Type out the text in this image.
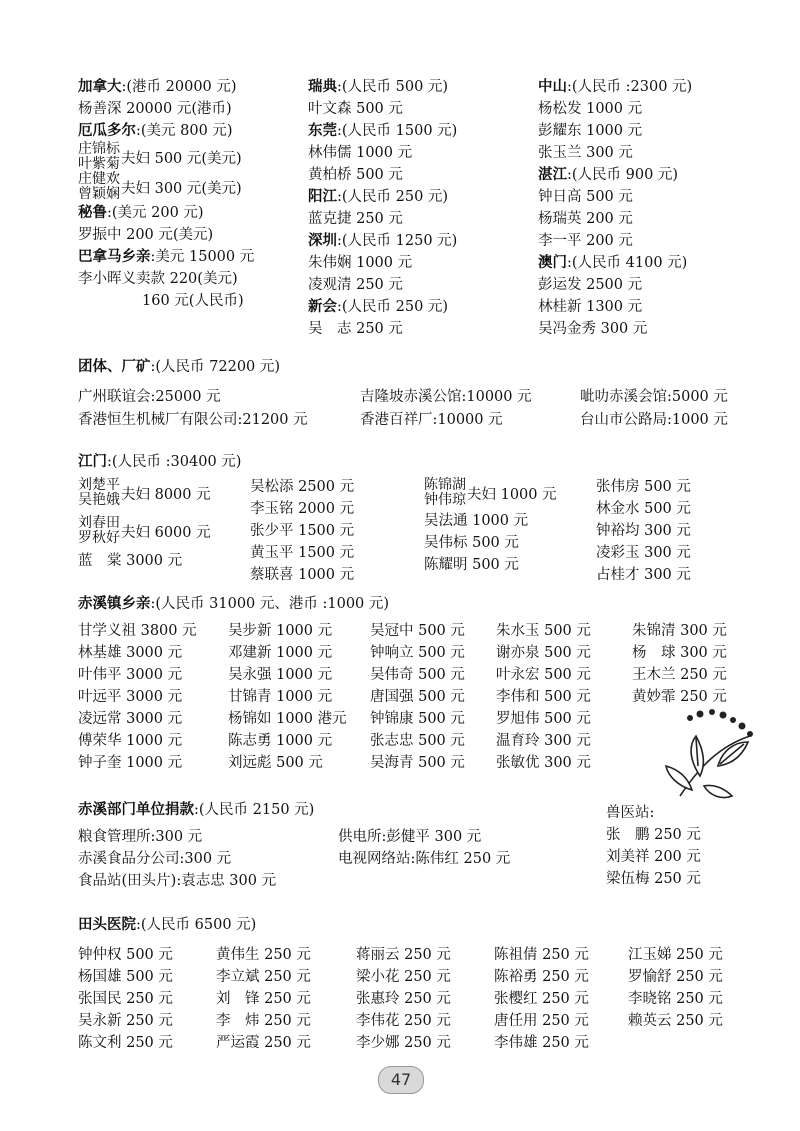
加拿大:(港币 20000 元)
杨善深 20000 元(港币)
厄瓜多尔:(美元 800 元)
庄锦标
叶紫菊 夫妇 500 元(美元)
庄健欢
曾颖娴 夫妇 300 元(美元)
秘鲁:(美元 200 元)
罗振中 200 元(美元)
巴拿马乡亲:美元 15000 元
李小晖义卖款 220(美元)
160 元(人民币)
瑞典:(人民币 500 元)
叶文森 500 元
东莞:(人民币 1500 元)
林伟儒 1000 元
黄柏桥 500 元
阳江:(人民币 250 元)
蓝克捷 250 元
深圳:(人民币 1250 元)
朱伟娴 1000 元
凌观清 250 元
新会:(人民币 250 元)
吴　志 250 元
中山:(人民币 :2300 元)
杨松发 1000 元
彭耀东 1000 元
张玉兰 300 元
湛江:(人民币 900 元)
钟日高 500 元
杨瑞英 200 元
李一平 200 元
澳门:(人民币 4100 元)
彭运发 2500 元
林桂新 1300 元
吴冯金秀 300 元
团体、厂矿:(人民币 72200 元)
广州联谊会:25000 元	吉隆坡赤溪公馆:10000 元	呲叻赤溪会馆:5000 元
香港恒生机械厂有限公司:21200 元	香港百祥厂:10000 元	台山市公路局:1000 元
江门:(人民币 :30400 元)
刘楚平
吴艳娥 夫妇 8000 元
刘春田
罗秋好 夫妇 6000 元
蓝　棠 3000 元
吴松添 2500 元
李玉铭 2000 元
张少平 1500 元
黄玉平 1500 元
蔡联喜 1000 元
陈锦湖
钟伟琼 夫妇 1000 元
吴法通 1000 元
吴伟标 500 元
陈耀明 500 元
张伟房 500 元
林金水 500 元
钟裕均 300 元
凌彩玉 300 元
占桂才 300 元
赤溪镇乡亲:(人民币 31000 元、港币 :1000 元)
甘学义祖 3800 元
林基雄 3000 元
叶伟平 3000 元
叶远平 3000 元
凌远常 3000 元
傅荣华 1000 元
钟子奎 1000 元
吴步新 1000 元
邓建新 1000 元
吴永强 1000 元
甘锦青 1000 元
杨锦如 1000 港元
陈志勇 1000 元
刘远彪 500 元
吴冠中 500 元
钟响立 500 元
吴伟奇 500 元
唐国强 500 元
钟锦康 500 元
张志忠 500 元
吴海青 500 元
朱水玉 500 元
谢亦泉 500 元
叶永宏 500 元
李伟和 500 元
罗旭伟 500 元
温育玲 300 元
张敏优 300 元
朱锦清 300 元
杨　球 300 元
王木兰 250 元
黄妙霏 250 元
赤溪部门单位捐款:(人民币 2150 元)
粮食管理所:300 元
赤溪食品分公司:300 元
食品站(田头片):袁志忠 300 元
供电所:彭健平 300 元
电视网络站:陈伟红 250 元
兽医站:
张　鹏 250 元
刘美祥 200 元
梁伍梅 250 元
田头医院:(人民币 6500 元)
钟仲权 500 元
杨国雄 500 元
张国民 250 元
吴永新 250 元
陈文利 250 元
黄伟生 250 元
李立斌 250 元
刘　锋 250 元
李　炜 250 元
严运霞 250 元
蒋丽云 250 元
梁小花 250 元
张惠玲 250 元
李伟花 250 元
李少娜 250 元
陈祖倩 250 元
陈裕勇 250 元
张樱红 250 元
唐任用 250 元
李伟雄 250 元
江玉娣 250 元
罗愉舒 250 元
李晓铭 250 元
赖英云 250 元
47
